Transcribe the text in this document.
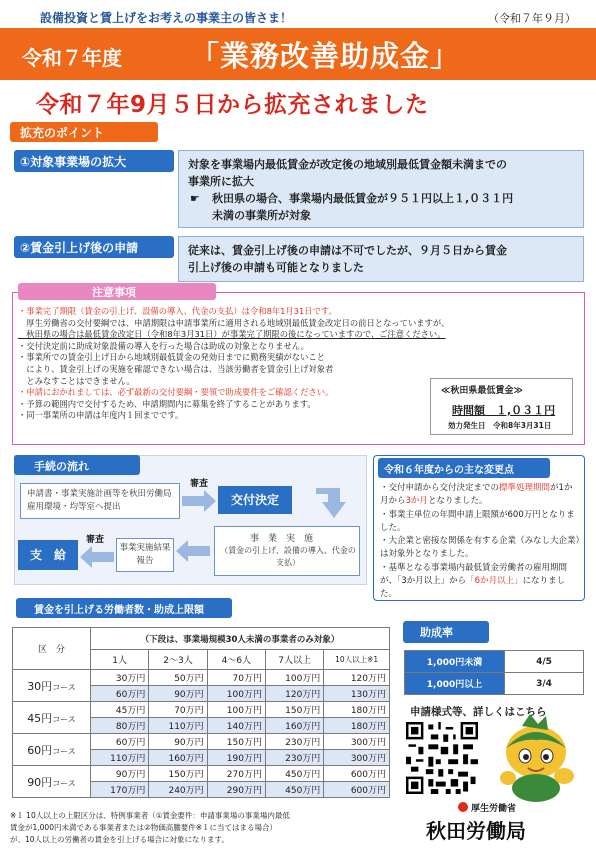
設備投資と賃上げをお考えの事業主の皆さま！	（令和７年９月）
令和７年度 「業務改善助成金」
令和７年9月５日から拡充されました
拡充のポイント
①対象事業場の拡大	対象を事業場内最低賃金が改定後の地域別最低賃金額未満までの
事業所に拡大
☛ 秋田県の場合、事業場内最低賃金が９５１円以上１,０３１円
未満の事業所が対象
②賃金引上げ後の申請	従来は、賃金引上げ後の申請は不可でしたが、９月５日から賃金
引上げ後の申請も可能となりました
注意事項
・事業完了期限（賃金の引上げ、設備の導入、代金の支払）は令和8年1月31日です。
　厚生労働省の交付要綱では、申請期限は申請事業所に適用される地域別最低賃金改定日の前日となっていますが、
　秋田県の場合は最低賃金改定日（令和8年3月31日）が事業完了期限の後になっていますので、ご注意ください。
・交付決定前に助成対象設備の導入を行った場合は助成の対象となりません。
・事業所での賃金引上げ日から地域別最低賃金の発効日までに勤務実績がないこと
　により、賃金引上げの実施を確認できない場合は、当該労働者を賃金引上げ対象者
　とみなすことはできません。
・申請におかれましては、必ず最新の交付要綱・要領で助成要件をご確認ください。
・予算の範囲内で交付するため、申請期間内に募集を終了することがあります。
・同一事業所の申請は年度内１回までです。
≪秋田県最低賃金≫
時間額　１,０３１円
効力発生日　令和8年3月31日
手続の流れ
申請書・事業実施計画等を秋田労働局雇用環境・均等室へ提出
審査
交付決定
事　業　実　施
（賃金の引上げ、設備の導入、代金の支払）
事業実施結果報告
審査
支　給
令和６年度からの主な変更点
・交付申請から交付決定までの標準処理期間が1か月から3か月となりました。
・事業主単位の年間申請上限額が600万円となりました。
・大企業と密接な関係を有する企業（みなし大企業）は対象外となりました。
・基準となる事業場内最低賃金労働者の雇用期間が、「3か月以上」から「6か月以上」になりました。
賃金を引上げる労働者数・助成上限額
区　分	（下段は、事業場規模30人未満の事業者のみ対象）				
	1人	2〜3人	4〜6人	7人以上	10人以上※1
30円コース	30万円	50万円	70万円	100万円	120万円
	60万円	90万円	100万円	120万円	130万円
45円コース	45万円	70万円	100万円	150万円	180万円
	80万円	110万円	140万円	160万円	180万円
60円コース	60万円	90万円	150万円	230万円	300万円
	110万円	160万円	190万円	230万円	300万円
90円コース	90万円	150万円	270万円	450万円	600万円
	170万円	240万円	290万円	450万円	600万円
※１ 10人以上の上限区分は、特例事業者（①賃金要件：申請事業場の事業場内最低
賃金が1,000円未満である事業者または②物価高騰要件※１に当てはまる場合）
が、10人以上の労働者の賃金を引上げる場合に対象になります。
助成率
1,000円未満	4/5
1,000円以上	3/4
申請様式等、詳しくはこちら
厚生労働省
秋田労働局
